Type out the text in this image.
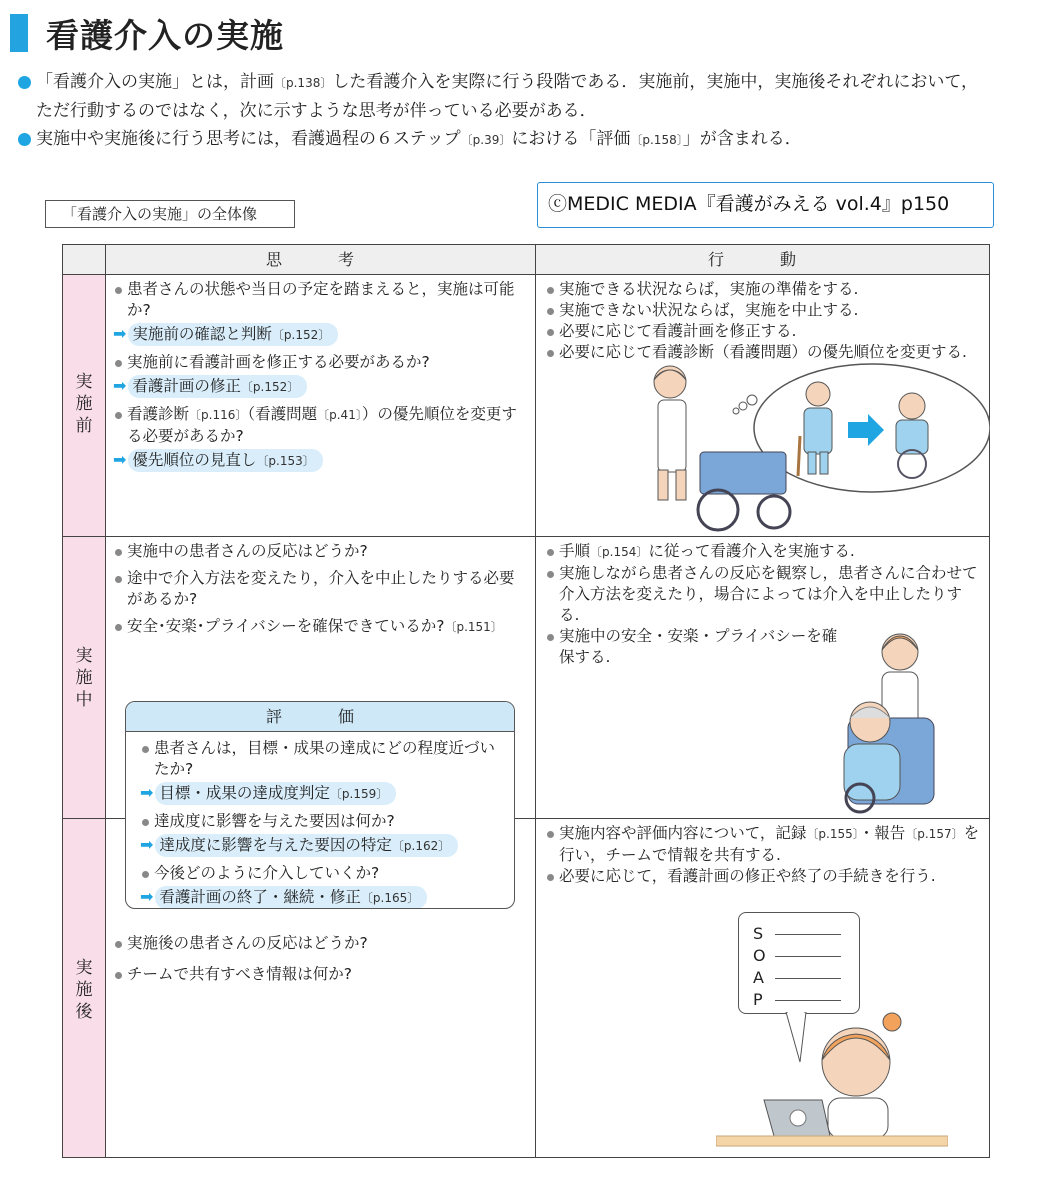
看護介入の実施
「看護介入の実施」とは，計画〔p.138〕した看護介入を実際に行う段階である．実施前，実施中，実施後それぞれにおいて，
ただ行動するのではなく，次に示すような思考が伴っている必要がある．
実施中や実施後に行う思考には，看護過程の６ステップ〔p.39〕における「評価〔p.158〕」が含まれる．
「看護介入の実施」の全体像	ⓒMEDIC MEDIA『看護がみえる vol.4』p150
思　考	行　動
実
施
前
実
施
中
実
施
後
患者さんの状態や当日の予定を踏まえると，実施は可能か?
➡ 実施前の確認と判断〔p.152〕
実施前に看護計画を修正する必要があるか?
➡ 看護計画の修正〔p.152〕
看護診断〔p.116〕（看護問題〔p.41〕）の優先順位を変更する必要があるか?
➡ 優先順位の見直し〔p.153〕
実施できる状況ならば，実施の準備をする.
実施できない状況ならば，実施を中止する.
必要に応じて看護計画を修正する.
必要に応じて看護診断（看護問題）の優先順位を変更する.
実施中の患者さんの反応はどうか?
途中で介入方法を変えたり，介入を中止したりする必要があるか?
安全･安楽･プライバシーを確保できているか?〔p.151〕
手順〔p.154〕に従って看護介入を実施する.
実施しながら患者さんの反応を観察し，患者さんに合わせて介入方法を変えたり，場合によっては介入を中止したりする.
実施中の安全・安楽・プライバシーを確保する.
実施後の患者さんの反応はどうか?
チームで共有すべき情報は何か?
実施内容や評価内容について，記録〔p.155〕・報告〔p.157〕を行い，チームで情報を共有する.
必要に応じて，看護計画の修正や終了の手続きを行う.
評　価
患者さんは，目標・成果の達成にどの程度近づいたか?
➡ 目標・成果の達成度判定〔p.159〕
達成度に影響を与えた要因は何か?
➡ 達成度に影響を与えた要因の特定〔p.162〕
今後どのように介入していくか?
➡ 看護計画の終了・継続・修正〔p.165〕
S
O
A
P
